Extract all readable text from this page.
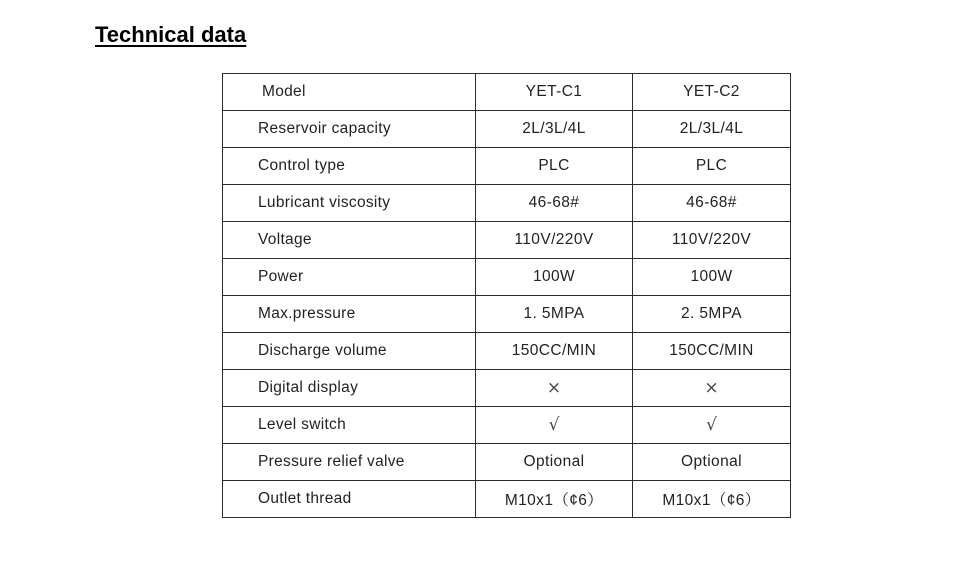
Technical data
Model	YET-C1	YET-C2
Reservoir capacity	2L/3L/4L	2L/3L/4L
Control type	PLC	PLC
Lubricant viscosity	46-68#	46-68#
Voltage	110V/220V	110V/220V
Power	100W	100W
Max.pressure	1. 5MPA	2. 5MPA
Discharge volume	150CC/MIN	150CC/MIN
Digital display	×	×
Level switch	√	√
Pressure relief valve	Optional	Optional
Outlet thread	M10x1（¢6）	M10x1（¢6）
